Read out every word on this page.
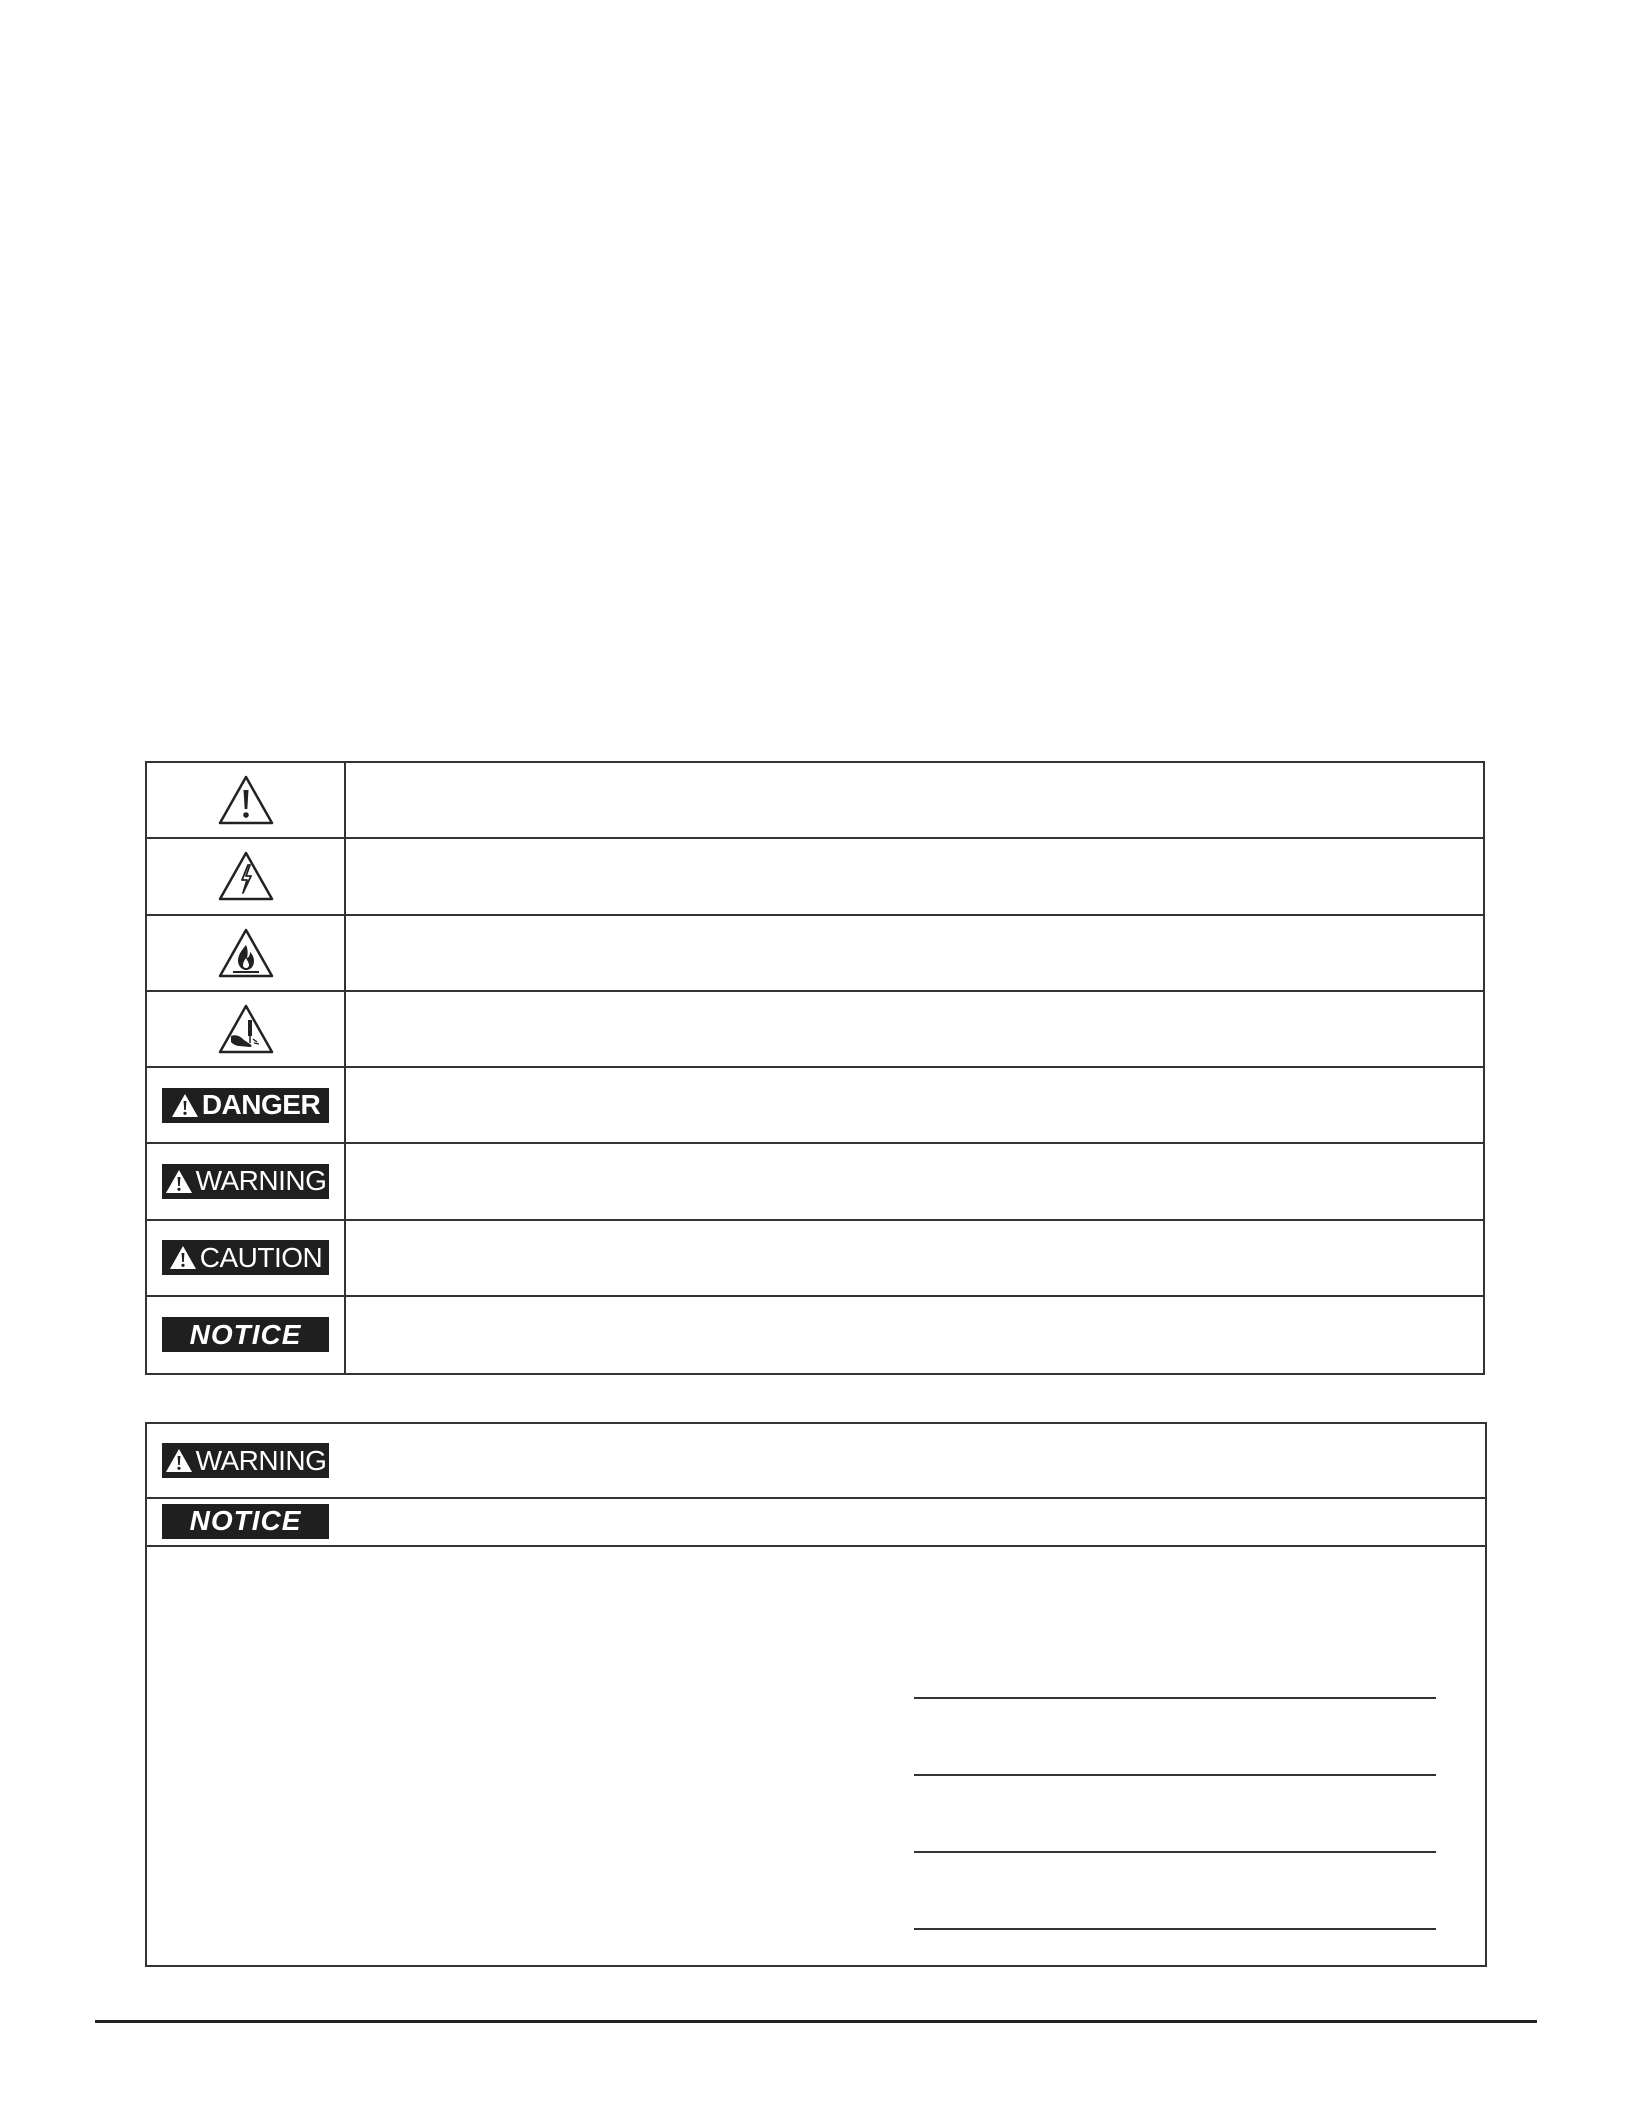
DANGER
WARNING
CAUTION
NOTICE
WARNING
NOTICE
